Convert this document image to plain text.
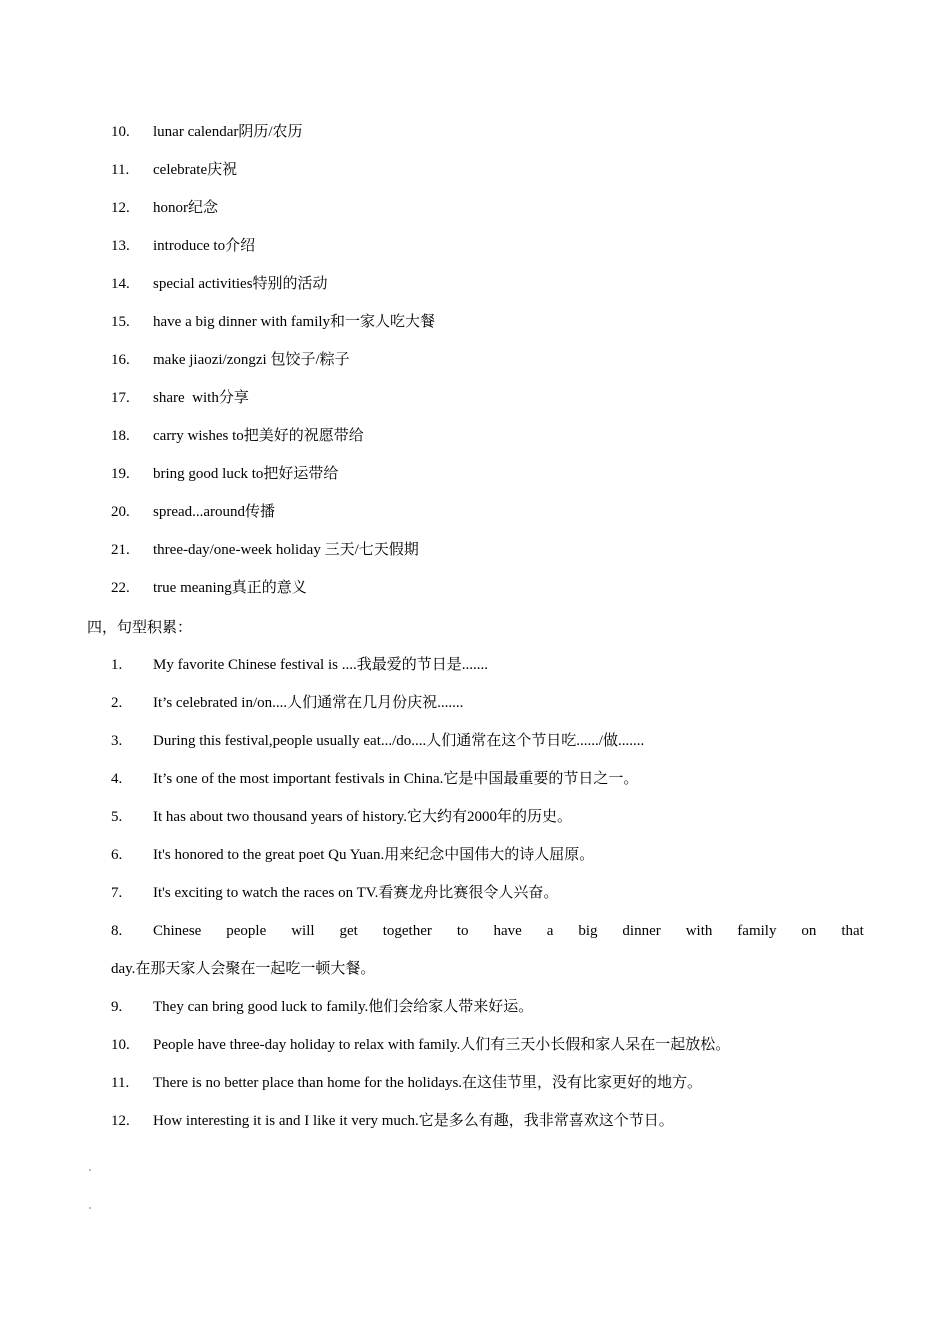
10.	lunar calendar阴历/农历
11.	celebrate庆祝
12.	honor纪念
13.	introduce to介绍
14.	special activities特别的活动
15.	have a big dinner with family和一家人吃大餐
16.	make jiaozi/zongzi 包饺子/粽子
17.	share  with分享
18.	carry wishes to把美好的祝愿带给
19.	bring good luck to把好运带给
20.	spread...around传播
21.	three-day/one-week holiday 三天/七天假期
22.	true meaning真正的意义
四，句型积累：
1.	My favorite Chinese festival is ....我最爱的节日是.......
2.	It’s celebrated in/on....人们通常在几月份庆祝.......
3.	During this festival,people usually eat.../do....人们通常在这个节日吃....../做.......
4.	It’s one of the most important festivals in China.它是中国最重要的节日之一。
5.	It has about two thousand years of history.它大约有2000年的历史。
6.	It's honored to the great poet Qu Yuan.用来纪念中国伟大的诗人屈原。
7.	It's exciting to watch the races on TV.看赛龙舟比赛很令人兴奋。
8.	Chinese people will get together to have a big dinner with family on that
day.在那天家人会聚在一起吃一顿大餐。
9.	They can bring good luck to family.他们会给家人带来好运。
10.	People have three-day holiday to relax with family.人们有三天小长假和家人呆在一起放松。
11.	There is no better place than home for the holidays.在这佳节里，没有比家更好的地方。
12.	How interesting it is and I like it very much.它是多么有趣，我非常喜欢这个节日。
